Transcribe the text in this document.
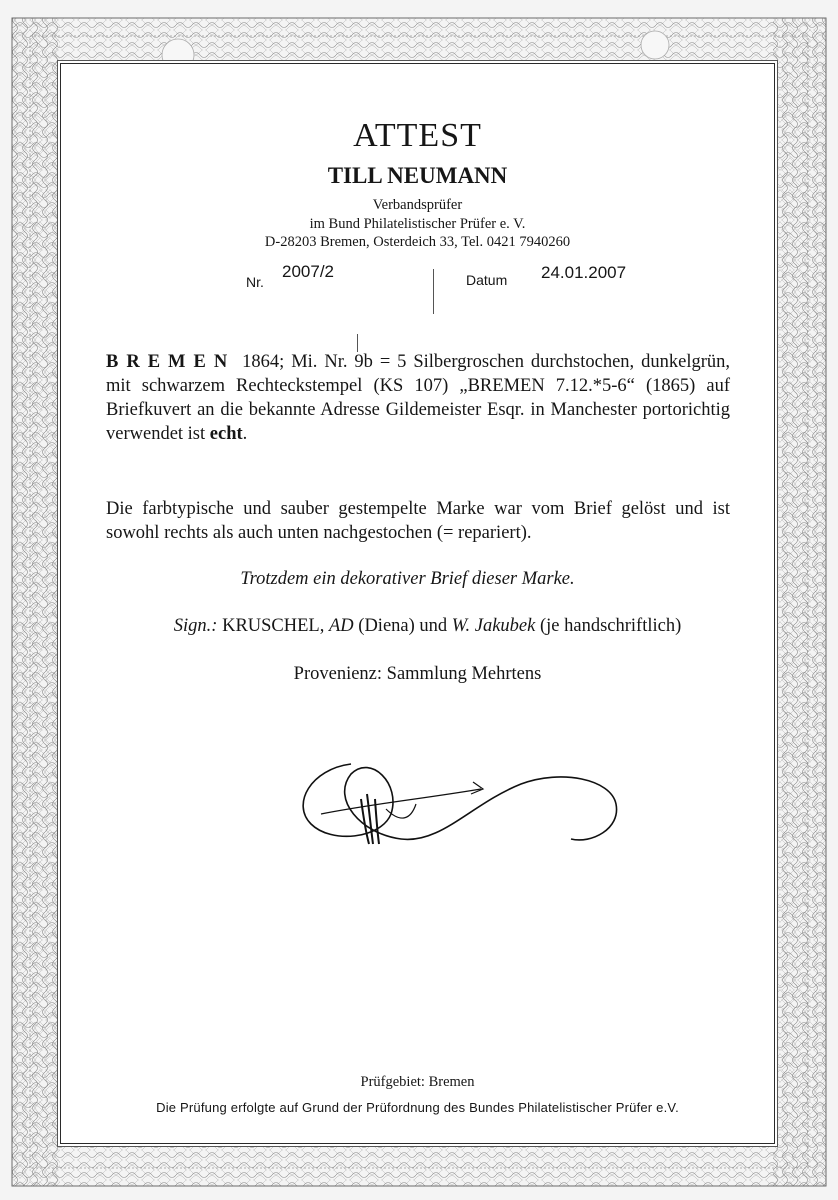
ATTEST
TILL NEUMANN
Verbandsprüfer
im Bund Philatelistischer Prüfer e. V.
D-28203 Bremen, Osterdeich 33, Tel. 0421 7940260
Nr.
2007/2	Datum 24.01.2007
BREMEN 1864; Mi. Nr. 9b = 5 Silbergroschen durchstochen, dunkelgrün, mit schwarzem Rechteckstempel (KS 107) „BREMEN 7.12.*5-6“ (1865) auf Briefkuvert an die bekannte Adresse Gildemeister Esqr. in Manchester portorichtig verwendet ist echt.
Die farbtypische und sauber gestempelte Marke war vom Brief gelöst und ist sowohl rechts als auch unten nachgestochen (= repariert).
Trotzdem ein dekorativer Brief dieser Marke.
Sign.: KRUSCHEL, AD (Diena) und W. Jakubek (je handschriftlich)
Provenienz: Sammlung Mehrtens
Prüfgebiet: Bremen
Die Prüfung erfolgte auf Grund der Prüfordnung des Bundes Philatelistischer Prüfer e.V.
